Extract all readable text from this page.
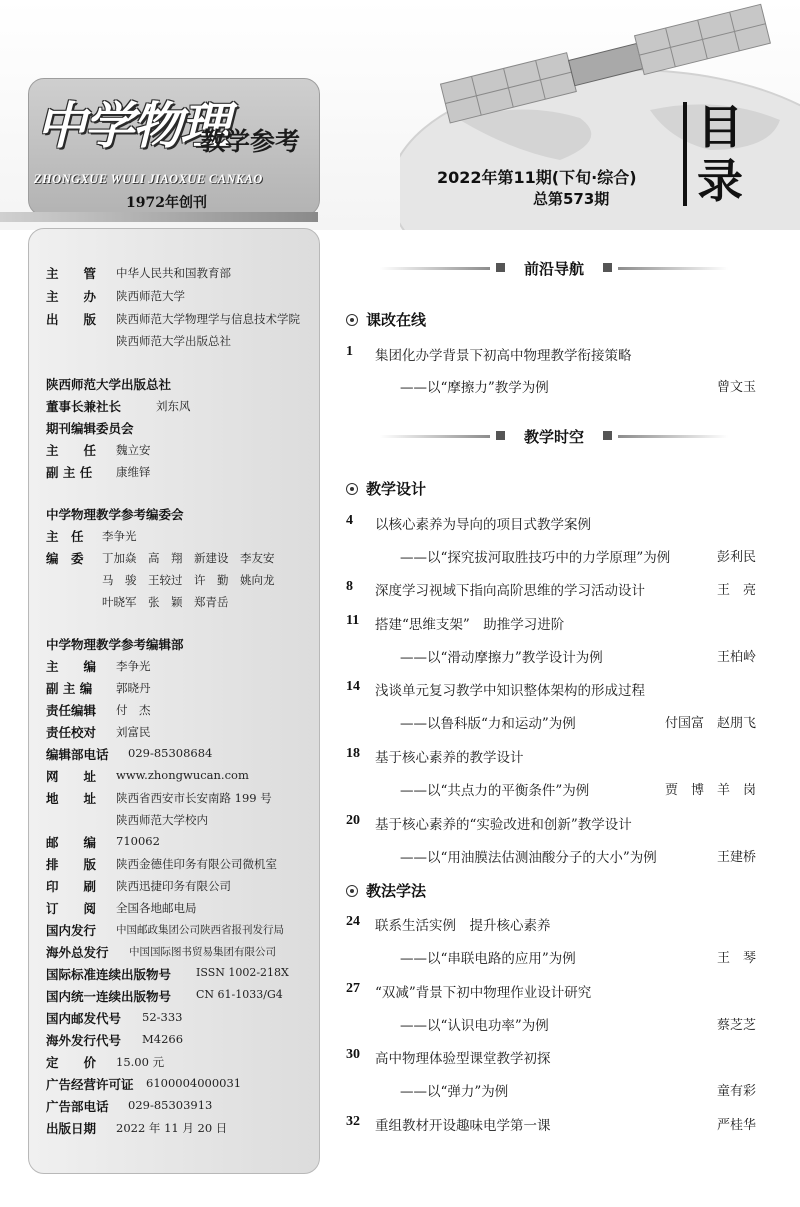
中学物理
教学参考
ZHONGXUE WULI JIAOXUE CANKAO
1972年创刊
2022年第11期(下旬·综合)
总第573期
目
录
主　　管 中华人民共和国教育部
主　　办 陕西师范大学
出　　版 陕西师范大学物理学与信息技术学院
陕西师范大学出版总社
陕西师范大学出版总社
董事长兼社长	刘东风
期刊编辑委员会
主　　任 魏立安
副 主 任 康维铎
中学物理教学参考编委会
主　任 李争光
编　委 丁加焱　高　翔　新建设　李友安
马　骏　王较过　许　勤　姚向龙
叶晓军　张　颖　郑青岳
中学物理教学参考编辑部
主　　编 李争光
副 主 编 郭晓丹
责任编辑 付　杰
责任校对 刘富民
编辑部电话 029-85308684
网　　址 www.zhongwucan.com
地　　址 陕西省西安市长安南路 199 号
陕西师范大学校内
邮　　编 710062
排　　版 陕西金德佳印务有限公司微机室
印　　刷 陕西迅捷印务有限公司
订　　阅 全国各地邮电局
国内发行 中国邮政集团公司陕西省报刊发行局
海外总发行 中国国际图书贸易集团有限公司
国际标准连续出版物号 ISSN 1002-218X
国内统一连续出版物号 CN 61-1033/G4
国内邮发代号 52-333
海外发行代号 M4266
定　　价 15.00 元
广告经营许可证 6100004000031
广告部电话 029-85303913
出版日期 2022 年 11 月 20 日
前沿导航
课改在线
1	集团化办学背景下初高中物理教学衔接策略
——以“摩擦力”教学为例	曾文玉
教学时空
教学设计
4	以核心素养为导向的项目式教学案例
——以“探究拔河取胜技巧中的力学原理”为例	彭利民
8	深度学习视域下指向高阶思维的学习活动设计	王　亮
11	搭建“思维支架”　助推学习进阶
——以“滑动摩擦力”教学设计为例	王柏岭
14	浅谈单元复习教学中知识整体架构的形成过程
——以鲁科版“力和运动”为例	付国富　赵朋飞
18	基于核心素养的教学设计
——以“共点力的平衡条件”为例	贾　博　羊　岗
20	基于核心素养的“实验改进和创新”教学设计
——以“用油膜法估测油酸分子的大小”为例	王建桥
教法学法
24	联系生活实例　提升核心素养
——以“串联电路的应用”为例	王　琴
27	“双减”背景下初中物理作业设计研究
——以“认识电功率”为例	蔡芝芝
30	高中物理体验型课堂教学初探
——以“弹力”为例	童有彩
32	重组教材开设趣味电学第一课	严桂华
